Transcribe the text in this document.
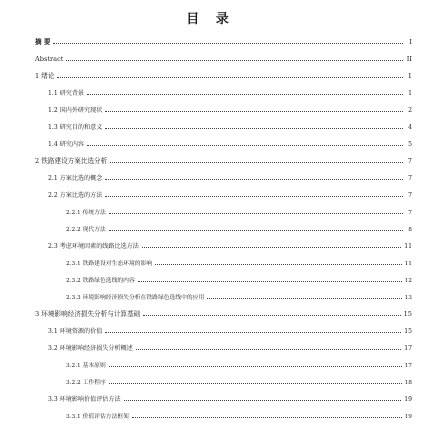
目 录
摘 要	I
Abstract	II
1 绪论	1
1.1 研究背景	1
1.2 国内外研究现状	2
1.3 研究目的和意义	4
1.4 研究内容	5
2 铁路建设方案比选分析	7
2.1 方案比选的概念	7
2.2 方案比选的方法	7
2.2.1 传统方法	7
2.2.2 现代方法	8
2.3 考虑环境因素的线路比选方法	11
2.3.1 铁路建设对生态环境的影响	11
2.3.2 铁路绿色选线的内容	12
2.3.3 环境影响经济损失分析在铁路绿色选线中的应用	13
3 环境影响经济损失分析与计算基础	15
3.1 环境资源的价值	15
3.2 环境影响经济损失分析概述	17
3.2.1 基本原则	17
3.2.2 工作程序	18
3.3 环境影响价值评估方法	19
3.3.1 价值评估方法框架	19
